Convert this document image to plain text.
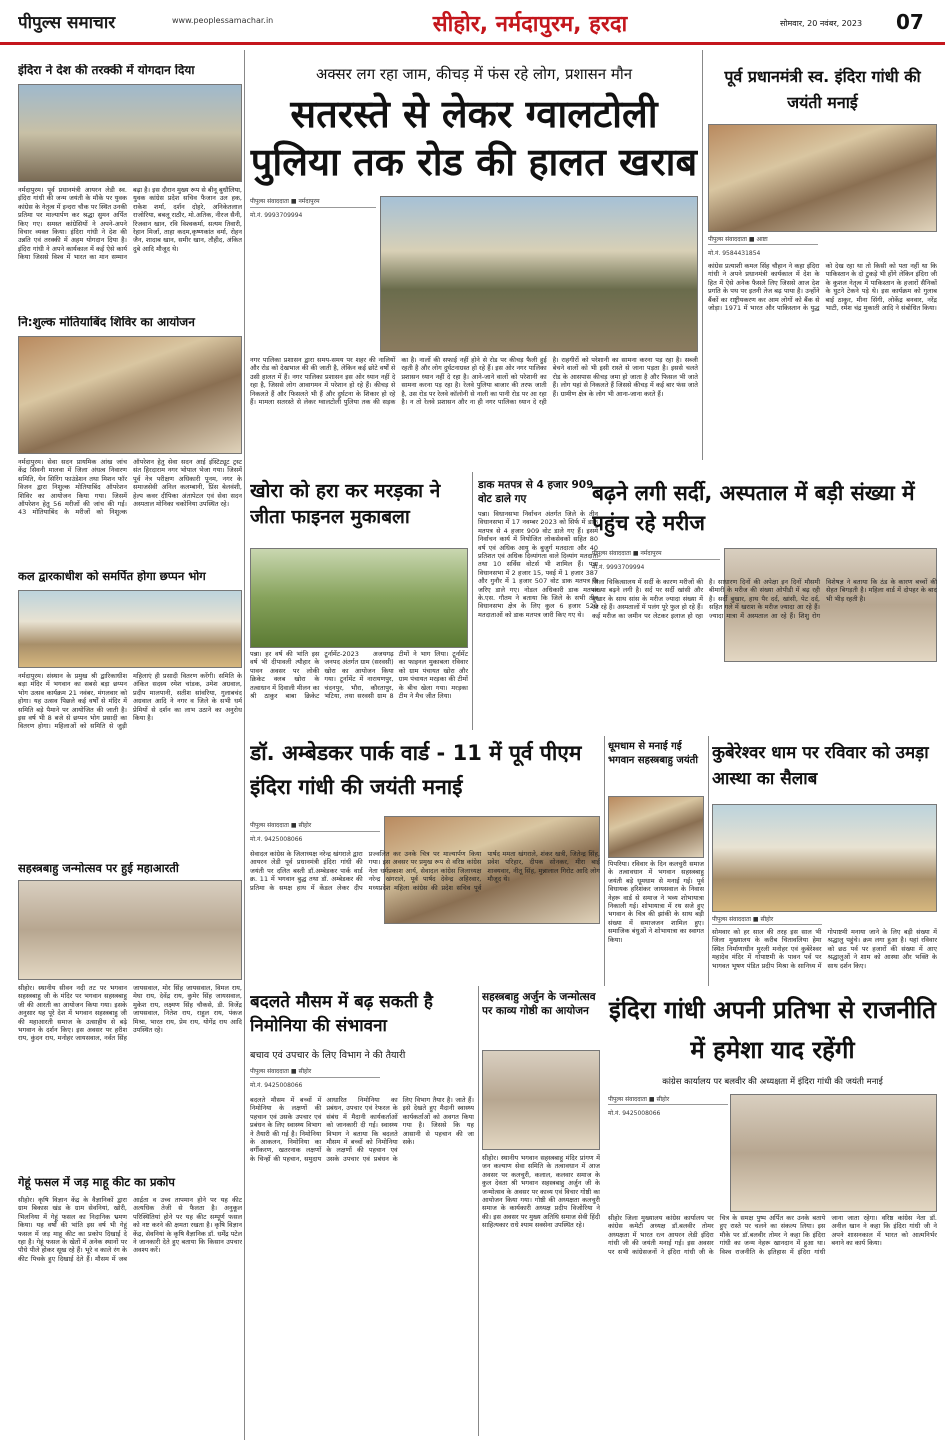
पीपुल्स समाचार	www.peoplessamachar.in	सीहोर, नर्मदापुरम, हरदा	सोमवार, 20 नवंबर, 2023	07
इंदिरा ने देश की तरक्की में योगदान दिया
नर्मदापुरम। पूर्व प्रधानमंत्री आयरन लेडी स्व. इंदिरा गांधी की जन्म जयंती के मौके पर युवक कांग्रेस के नेतृत्व में इन्दरा चौक पर स्थित उनकी प्रतिमा पर माल्यार्पण कर श्रद्धा सुमन अर्पित किए गए। समस्त कांग्रेसियों ने अपने-अपने विचार व्यक्त किया। इंदिरा गांधी ने देश की उन्नति एवं तरक्की में अहम योगदान दिया है। इंदिरा गांधी ने अपने कार्यकाल में कई ऐसे कार्य किया जिससे विश्व में भारत का मान सम्मान बढ़ा है। इस दौरान मुख्य रूप से बीनू बुधौलिया, युवक कांग्रेस प्रदेश सचिव फैजान उल हक, राकेश शर्मा, दर्शन दोहरे, अनिकेतलाल राजोरिया, बबलू राठौर, मो.अतिक, नीरज सैनी, रिजवान खान, रवि विश्वकर्मा, सत्यम तिवारी, रेहान मिर्जा, ताहा कदम,कृष्णकांत वर्मा, रोहन जैन, शादाब खान, समीर खान, तौहीद, अंकित दुबे आदि मौजूद थे।
नि:शुल्क मोतियाबिंद शिविर का आयोजन
नर्मदापुरम। सेवा सदन प्रायमिक आंख जांच केंद्र सिवनी मालवा में जिला अंधत्व निवारण समिति, येन सिरिंग फाउंडेशन तथा मिशन फॉर विजन द्वारा निशुल्क मोतियाबिंद ऑपरेशन शिविर का आयोजन किया गया। जिसमें ऑपरेशन हेतु 56 मरीजों की जांच की गई। 43 मोतियाबिंद के मरीजों को निशुल्क ऑपरेशन हेतु सेवा सदन आई इंस्टिट्यूट ट्रस्ट संत हिरदाराम नगर भोपाल भेजा गया। जिसमें पूर्व नेत्र परीक्षण अधिकारी पूनम, नगर के समाजसेवी अनिल कलम्बानी, प्रिंस बेलवंशी, हेल्प कवर दीपिका अंतापेटल एवं सेवा सदन अस्पताल मोनिका चकोनिया उपस्थित रहे।
कल द्वारकाधीश को समर्पित होगा छप्पन भोग
नर्मदापुरम। संस्थान के प्रमुख श्री द्वारिकाधीश बड़ा मंदिर में भगवान का सबसे बड़ा छप्पन भोग उत्सव कार्यक्रम 21 नवंबर, मंगलवार को होगा। यह उत्सव पिछले कई वर्षों से मंदिर में समिति बड़े पैमाने पर आयोजित की जाती है। इस वर्ष भी 8 बजे से छप्पन भोग प्रसादी का वितरण होगा। महिलाओं को समिति से जुड़ी महिलाएं ही प्रसादी वितरण करेंगी। समिति के अंकित सदस्य रमेश चांडक, उमेश अग्रवाल, प्रदीप मालपानी, सतीश सांवरिया, गुलाबचंद अग्रवाल आदि ने नगर व जिले के सभी धर्म प्रेमियों से दर्शन का लाभ उठाने का अनुरोध किया है।
सहस्त्रबाहु जन्मोत्सव पर हुई महाआरती
सीहोर। स्थानीय सीवन नदी तट पर भगवान सहस्त्रबाहु जी के मंदिर पर भगवान सहस्त्रबाहु जी की आरती का आयोजन किया गया। इसके अनुसार यह पूरे देश में भगवान सहस्त्रबाहु जी की महाआरती समाज के उत्साहीय से बढ़े भगवान के दर्शन किए। इस अवसर पर हरीश राय, कुंदन राय, मनोहर जायसवाल, नर्वत सिंह जायसवाल, मोर सिंह जायसवाल, विमल राय, मेघा राय, देवेंद्र राय, कुमेर सिंह जायसवाल, मुकेश राय, लक्ष्मण सिंह चौकसे, डी. विजेंद्र जायसवाल, नितेश राय, राहुल राय, पंकज मिश्रा, भारत राय, प्रेम राय, योगेंद्र राय आदि उपस्थित रहे।
गेहूं फसल में जड़ माहू कीट का प्रकोप
सीहोर। कृषि विज्ञान केंद्र के वैज्ञानिकों द्वारा ग्राम बिकास खंड के ग्राम सेवनियां, खोरी, भिलनिया में गेहूं फसल का निदानिक भ्रमण किया। यह वर्षों की भांति इस वर्ष भी गेहूं फसल में जड़ माहू कीट का प्रकोप दिखाई दे रहा है। गेहूं फसल के खेतों में अनेक स्थानों पर पौधे पीले होकर सूख रहे हैं। भूरे व काले रंग के कीट पिचके हुए दिखाई देते हैं। मौसम में जब आर्द्रता व उच्च तापमान होने पर यह कीट अत्यधिक तेजी से फैलता है। अनुकूल परिस्थितियां होने पर यह कीट सम्पूर्ण फसल को नष्ट करने की क्षमता रखता है। कृषि विज्ञान केंद्र, सेवनियां के कृषि वैज्ञानिक डॉ. धर्मेंद्र पटेल ने जानकारी देते हुए बताया कि किसान उपचार अवश्य करें।
अक्सर लग रहा जाम, कीचड़ में फंस रहे लोग, प्रशासन मौन
सतरस्ते से लेकर ग्वालटोली पुलिया तक रोड की हालत खराब
पीपुल्स संवाददाता ■ नर्मदापुरम
मो.नं. 9993709994
नगर पालिका प्रशासन द्वारा समय-समय पर शहर की नालियों और रोड को देखभाल की की जाती है, लेकिन कई छोटे वर्षों से उसी हालत में हैं। नगर पालिका प्रशासन इस ओर ध्यान नहीं दे रहा है, जिससे लोग आवागमन में परेशान हो रहे हैं। कीचड़ से निकलते हैं और फिसलते भी हैं और दुर्घटना के शिकार हो रहे हैं। मामला सतरस्ते से लेकर ग्वालटोली पुलिया तक की सड़क का है। नालों की सफाई नहीं होने से रोड पर कीचड़ फैली हुई रहती है और लोग दुर्घटनाग्रस्त हो रहे हैं। इस ओर नगर पालिका प्रशासन ध्यान नहीं दे रहा है। आने-जाने वालों को परेशानी का सामना करना पड़ रहा है। रेलवे पुलिया बाजार की तरफ जाती है, उस रोड पर रेलवे कॉलोनी से नाली का पानी रोड पर आ रहा है। न तो रेलवे प्रशासन और ना ही नगर पालिका ध्यान दे रही है। राहगीरों को परेशानी का सामना करना पड़ रहा है। सब्जी बेचने वालों को भी इसी रास्ते से जाना पड़ता है। इससे चलते रोड के आसपास कीचड़ जमा हो जाता है और फिसल भी जाते हैं। लोग यहां से निकलते हैं जिससे कीचड़ में कई बार फंस जाते हैं। ग्रामीण क्षेत्र के लोग भी आना-जाना करते हैं।
खोरा को हरा कर मरड़का ने जीता फाइनल मुकाबला
पन्ना। हर वर्ष की भांति इस वर्ष भी दीपावली त्यौहार के पावन अवसर पर लोकी क्रिकेट क्लब खोरा के तत्वाधान में दिवाली मीलन का श्री ठाकुर बाबा क्रिकेट टूर्नामेंट-2023 अजयगढ़ जनपद अंतर्गत ग्राम (सरवसी) खोरा का आयोजन किया गया। टूर्नामेंट में नारायणपुर, चंदनपुर, भौरा, कौरतापुर, भटिया, तथा सरवसी ग्राम 8 टीमों ने भाग लिया। टूर्नामेंट का फाइनल मुकाबला रविवार को ग्राम पंचायत खोरा और ग्राम पंचायत मरड़का की टीमों के बीच खेला गया। मरड़का टीम ने मैच जीत लिया।
डाक मतपत्र से 4 हजार 909 वोट डाले गए
पन्ना। विधानसभा निर्वाचन अंतर्गत जिले के तीन विधानसभा में 17 नवम्बर 2023 को सिर्फ में डाक मतपत्र से 4 हजार 909 वोट डाले गए हैं। इसमें निर्वाचन कार्य में नियोजित लोकसेवकों सहित 80 वर्ष एवं अधिक आयु के बुजुर्ग मतदाता और 40 प्रतिशत एवं अधिक दिव्यांगता वाले दिव्यांग मतदाता तथा 10 सर्विस वोटर्स भी शामिल हैं। पन्ना विधानसभा में 2 हजार 15, पवई में 1 हजार 387 और गुनौर में 1 हजार 507 वोट डाक मतपत्र के जरिए डाले गए। नोडल अधिकारी डाक मतपत्र के.एस. गौतम ने बताया कि जिले के सभी तीन विधानसभा क्षेत्र के लिए कुल 6 हजार 520 मतदाताओं को डाक मतपत्र जारी किए गए थे।
डॉ. अम्बेडकर पार्क वार्ड - 11 में पूर्व पीएम इंदिरा गांधी की जयंती मनाई
पीपुल्स संवाददाता ■ सीहोर
मो.नं. 9425008066
सेवादल कांग्रेस के जिलाध्यक्ष नरेन्द्र खंगराले द्वारा आयरन लेडी पूर्व प्रधानमंत्री इंदिरा गांधी की जयंती पर दलित बस्ती डॉ.अम्बेडकर पार्क वार्ड क्र. 11 में भगवान बुद्ध तथा डॉ. अम्बेडकर की प्रतिमा के समक्ष हाथ में केंडल लेकर दीप प्रज्वलित कर उनके चित्र पर माल्यार्पण किया गया। इस अवसर पर प्रमुख रूप से वरिष्ठ कांग्रेस नेता धर्मप्रकाश आर्य, सेवादल कांग्रेस जिलाध्यक्ष नरेन्द्र खंगराले, पूर्व पार्षद देवेन्द्र अहिरवार, मध्यप्रदेश महिला कांग्रेस की प्रदेश सचिव पूर्व पार्षद ममता खंगराले, शंकर खत्री, जितेन्द्र सिंह, प्रवेश परिहार, दीपक सोनकर, मीरा बाई शाक्यवार, नीतू सिंह, मुन्नालाल गिरोट आदि लोग मौजूद थे।
बदलते मौसम में बढ़ सकती है निमोनिया की संभावना
बचाव एवं उपचार के लिए विभाग ने की तैयारी
पीपुल्स संवाददाता ■ सीहोर
मो.नं. 9425008066
बदलते मौसम में बच्चों में निमोनिया के लक्षणों की पहचान एवं उसके उपचार एवं प्रबंधन के लिए स्वास्थ्य विभाग ने तैयारी की गई है। निमोनिया के आकलन, निमोनिया का वर्गीकरण, खतरनाक लक्षणों के चिन्हों की पहचान, समुदाय आधारित निमोनिया का प्रबंधन, उपचार एवं रेफरल के संबंध में मैदानी कार्यकर्ताओं को जानकारी दी गई। स्वास्थ्य विभाग ने बताया कि बदलते मौसम में बच्चों को निमोनिया के लक्षणों की पहचान एवं उसके उपचार एवं प्रबंधन के लिए विभाग तैयार है। जाते हैं। इसे देखते हुए मैदानी स्वास्थ्य कार्यकर्ताओं को अवगत किया गया है। जिससे कि यह आसानी से पहचान की जा सके।
सहस्त्रबाहु अर्जुन के जन्मोत्सव पर काव्य गोष्ठी का आयोजन
सीहोर। स्थानीय भगवान सहस्त्रबाहु मंदिर प्रांगण में जन कल्याण सेवा समिति के तत्वावधान में आज अवसर पर कलचुरी, कलाल, कलवार समाज के कुल देवता श्री भगवान सहस्त्रबाहु अर्जुन जी के जन्मोत्सव के अवसर पर काव्य एवं विचार गोष्ठी का आयोजन किया गया। गोष्ठी की अध्यक्षता कलचुरी समाज के कार्यकारी अध्यक्ष प्रदीप विजोरिया ने की। इस अवसर पर मुख्य अतिथि समाज सेवी हिंदी साहित्यकार राधे श्याम सक्सेना उपस्थित रहे।
बढ़ने लगी सर्दी, अस्पताल में बड़ी संख्या में पहुंच रहे मरीज
पीपुल्स संवाददाता ■ नर्मदापुरम
मो.नं. 9993709994
जिला चिकित्सालय में सर्दी के कारण मरीजों की संख्या बढ़ने लगी है। सर्द पर सर्दी खांसी और बुखार के साथ सांस के मरीज ज्यादा संख्या में आ रहे हैं। अस्पतालों में पलंग पूरे फुल हो रहे हैं। कई मरीज का जमीन पर लेटकर इलाज हो रहा है। साधारण दिनों की अपेक्षा इन दिनों मौसमी बीमारी के मरीज की संख्या ओपीडी में बढ़ रही है। सर्दी बुखार, हाथ पैर दर्द, खांसी, पेट दर्द, सहित गले में खराश के मरीज ज्यादा आ रहे हैं। ज्यादा मात्रा में अस्पताल आ रहे हैं। शिशु रोग विशेषज्ञ ने बताया कि ठंड के कारण बच्चों की सेहत बिगड़ती है। महिला वार्ड में दोपहर के बाद भी भीड़ रहती है।
धूमधाम से मनाई गई भगवान सहस्त्रबाहु जयंती
पिपरिया। रविवार के दिन कलचुरी समाज के तत्वावधान में भगवान सहस्त्रबाहु जयंती बड़े धूमधाम से मनाई गई। पूर्व विधायक हरिशंकर जायसवाल के निवास नेहरू वार्ड से समाज ने भव्य शोभायात्रा निकाली गई। शोभायात्रा में रथ सजे हुए भगवान के चित्र की झांकी के साथ बड़ी संख्या में समाजजन शामिल हुए। समाजिक बंधुओं ने शोभायात्रा का स्वागत किया।
कुबेरेश्वर धाम पर रविवार को उमड़ा आस्था का सैलाब
पीपुल्स संवाददाता ■ सीहोर
सोमवार को हर साल की तरह इस साल भी जिला मुख्यालय के करीब चितावलिया हेमा स्थित निर्माणाधीन मुरली मनोहर एवं कुबेरेश्वर महादेव मंदिर में गोपाष्टमी के पावन पर्व पर भागवत भूषण पंडित प्रदीप मिश्रा के सानिध्य में गोपाष्टमी मनाया जाने के लिए बड़ी संख्या में श्रद्धालु पहुंचे। क्रम लगा हुआ है। यहां रविवार को छठ पर्व पर हजारों की संख्या में आए श्रद्धालुओं ने शाम को आस्था और भक्ति के साथ दर्शन किए।
पूर्व प्रधानमंत्री स्व. इंदिरा गांधी की जयंती मनाई
पीपुल्स संवाददाता ■ आष्टा
मो.नं. 9584431854
कांग्रेस प्रत्याशी कमल सिंह चौहान ने कहा इंदिरा गांधी ने अपने प्रधानमंत्री कार्यकाल में देश के हित में ऐसे अनेक फैसले लिए जिससे आज देश प्रगति के पथ पर इतनी तेज बढ़ पाया है। उन्होंने बैंकों का राष्ट्रीयकरण कर आम लोगों को बैंक से जोड़ा। 1971 में भारत और पाकिस्तान के युद्ध को देख रहा था तो किसी को पता नहीं था कि पाकिस्तान के दो टुकड़े भी होंगे लेकिन इंदिरा जी के कुशल नेतृत्व में पाकिस्तान के हजारों सैनिकों के घुटने टेकने पड़े थे। इस कार्यक्रम को गुलाब बाई ठाकुर, मीना सिंगी, लोकेंद्र बनवार, नरेंद्र भाटी, रमेश चंद्र मुकाती आदि ने संबोधित किया।
इंदिरा गांधी अपनी प्रतिभा से राजनीति में हमेशा याद रहेंगी
कांग्रेस कार्यालय पर बलवीर की अध्यक्षता में इंदिरा गांधी की जयंती मनाई
पीपुल्स संवाददाता ■ सीहोर
मो.नं. 9425008066
सीहोर जिला मुख्यालय कांग्रेस कार्यालय पर कांग्रेस कमेटी अध्यक्ष डॉ.बलवीर तोमर अध्यक्षता में भारत रत्न आयरन लेडी इंदिरा गांधी जी की जयंती मनाई गई। इस अवसर पर सभी कांग्रेसजनों ने इंदिरा गांधी जी के चित्र के समक्ष पुष्प अर्पित कर उनके बताये हुए रास्ते पर चलने का संकल्प लिया। इस मौके पर डॉ.बलवीर तोमर ने कहा कि इंदिरा गांधी का जन्म नेहरू खानदान में हुआ था। विश्व राजनीति के इतिहास में इंदिरा गांधी जाना जाता रहेगा। वरिष्ठ कांग्रेस नेता डॉ. अनील खान ने कहा कि इंदिरा गांधी जी ने अपने शासनकाल में भारत को आत्मनिर्भर बनाने का कार्य किया।
